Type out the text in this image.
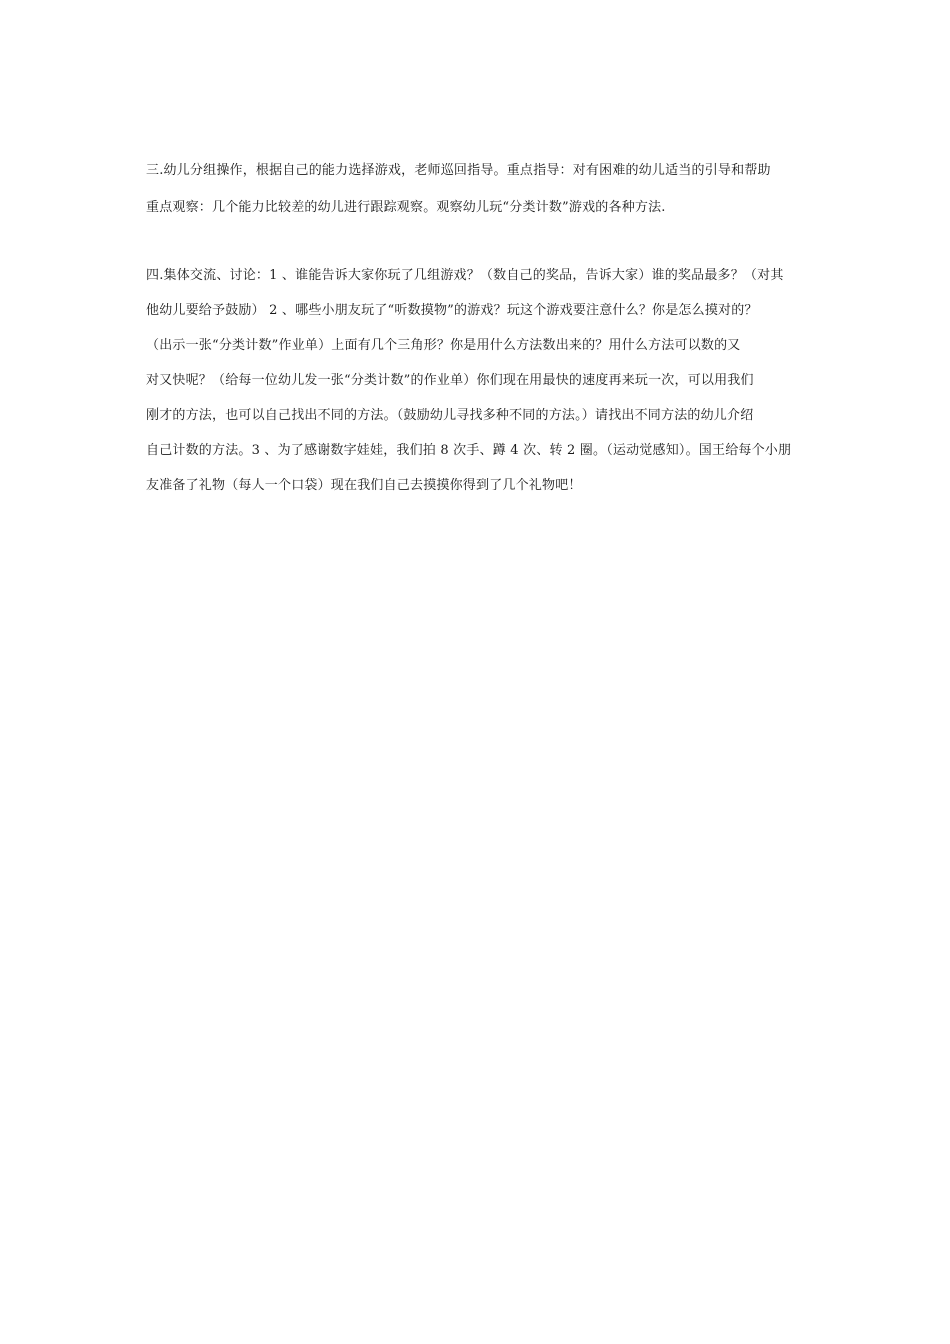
三.幼儿分组操作，根据自己的能力选择游戏，老师巡回指导。重点指导：对有困难的幼儿适当的引导和帮助
重点观察：几个能力比较差的幼儿进行跟踪观察。观察幼儿玩“分类计数”游戏的各种方法.
四.集体交流、讨论：1 、谁能告诉大家你玩了几组游戏？（数自己的奖品，告诉大家）谁的奖品最多？（对其
他幼儿要给予鼓励） 2 、哪些小朋友玩了“听数摸物”的游戏？玩这个游戏要注意什么？你是怎么摸对的？
（出示一张“分类计数”作业单）上面有几个三角形？你是用什么方法数出来的？用什么方法可以数的又
对又快呢？（给每一位幼儿发一张“分类计数”的作业单）你们现在用最快的速度再来玩一次，可以用我们
刚才的方法，也可以自己找出不同的方法。（鼓励幼儿寻找多种不同的方法。）请找出不同方法的幼儿介绍
自己计数的方法。3 、为了感谢数字娃娃，我们拍 8 次手、蹲 4 次、转 2 圈。（运动觉感知）。国王给每个小朋
友准备了礼物（每人一个口袋）现在我们自己去摸摸你得到了几个礼物吧！
